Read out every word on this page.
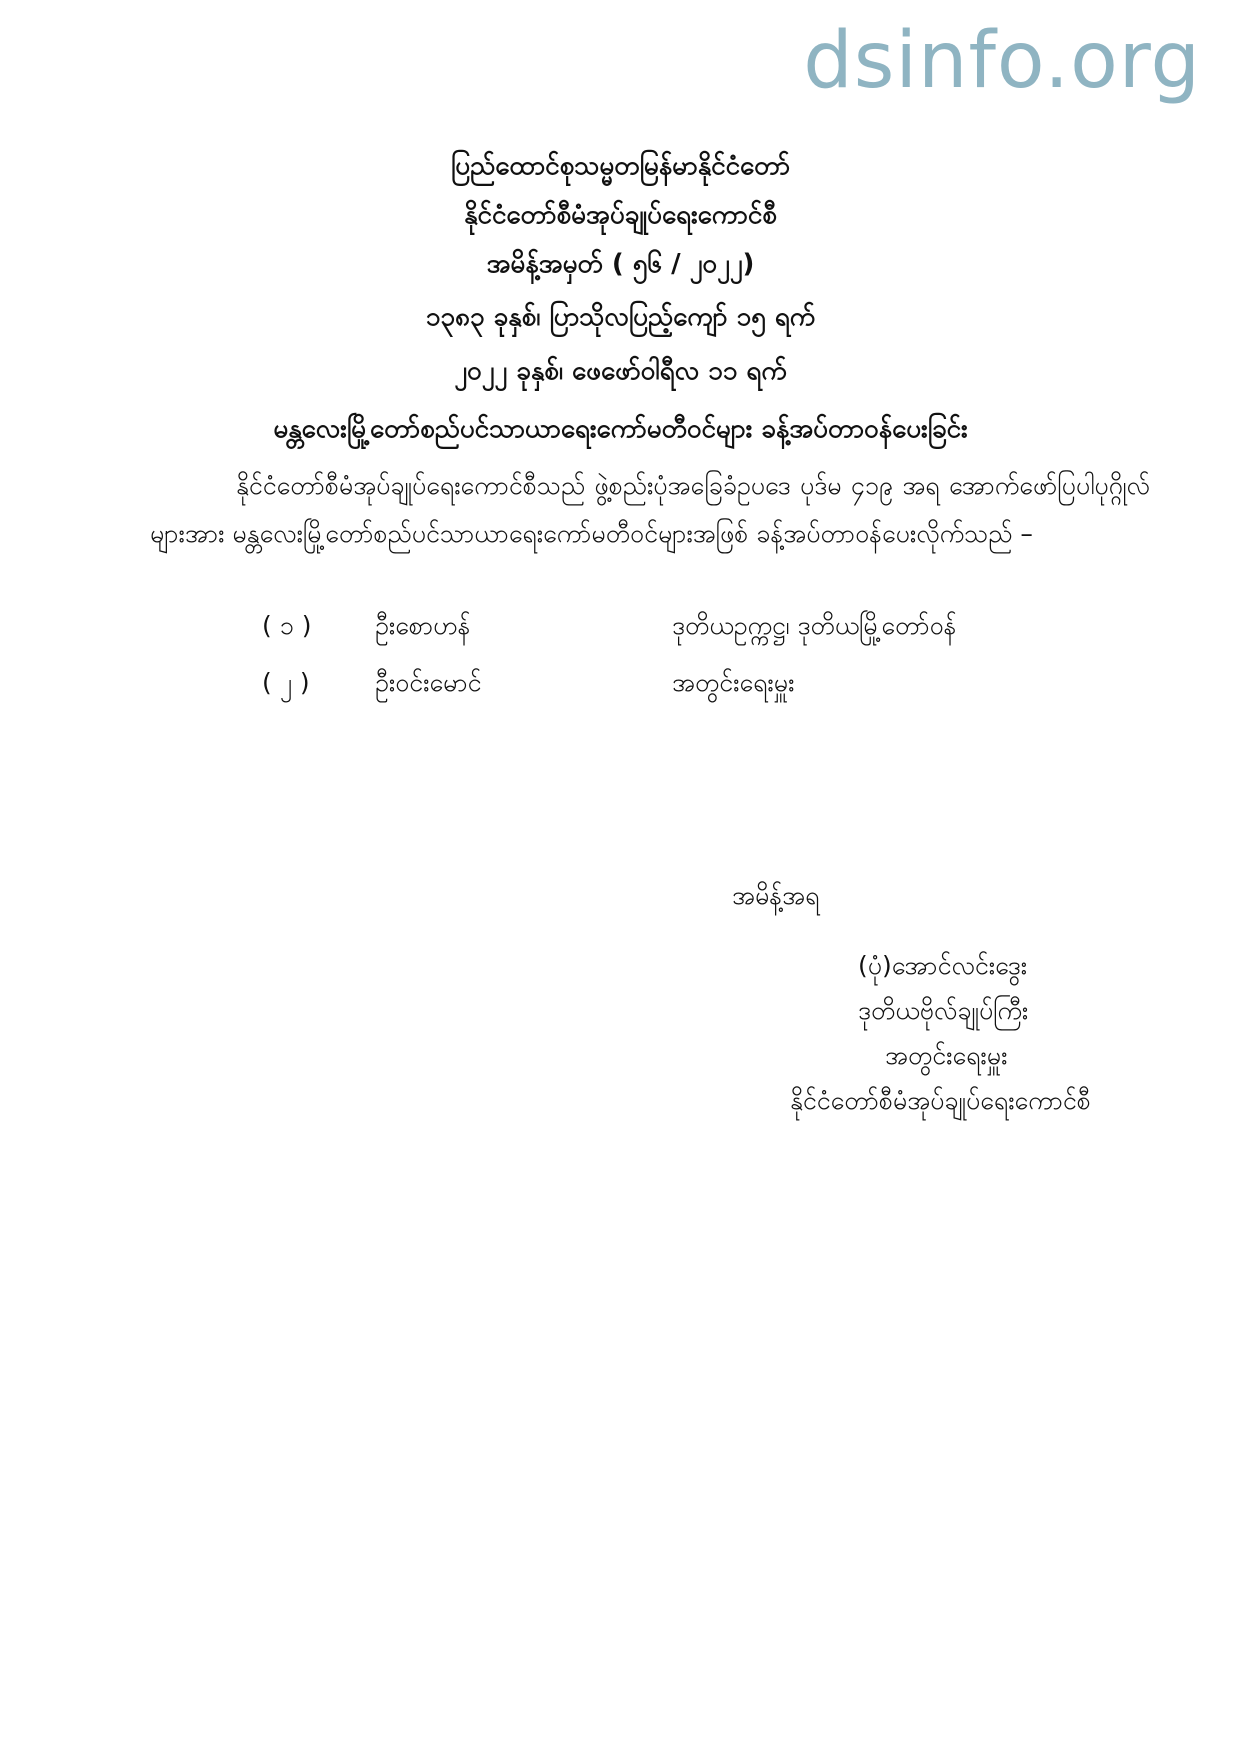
dsinfo.org
ပြည်ထောင်စုသမ္မတမြန်မာနိုင်ငံတော်
နိုင်ငံတော်စီမံအုပ်ချုပ်ရေးကောင်စီ
အမိန့်အမှတ် ( ၅၆ / ၂၀၂၂)
၁၃၈၃ ခုနှစ်၊ ပြာသိုလပြည့်ကျော် ၁၅ ရက်
၂၀၂၂ ခုနှစ်၊ ဖေဖော်ဝါရီလ ၁၁ ရက်
မန္တလေးမြို့တော်စည်ပင်သာယာရေးကော်မတီဝင်များ ခန့်အပ်တာဝန်ပေးခြင်း
နိုင်ငံတော်စီမံအုပ်ချုပ်ရေးကောင်စီသည် ဖွဲ့စည်းပုံအခြေခံဥပဒေ ပုဒ်မ ၄၁၉ အရ အောက်ဖော်ပြပါပုဂ္ဂိုလ်များအား မန္တလေးမြို့တော်စည်ပင်သာယာရေးကော်မတီဝင်များအဖြစ် ခန့်အပ်တာဝန်ပေးလိုက်သည် –
( ၁ )	ဦးစောဟန်	ဒုတိယဥက္ကဋ္ဌ၊ ဒုတိယမြို့တော်ဝန်
( ၂ )	ဦးဝင်းမောင်	အတွင်းရေးမှူး
အမိန့်အရ
(ပုံ)အောင်လင်းဒွေး
ဒုတိယဗိုလ်ချုပ်ကြီး
အတွင်းရေးမှူး
နိုင်ငံတော်စီမံအုပ်ချုပ်ရေးကောင်စီ
